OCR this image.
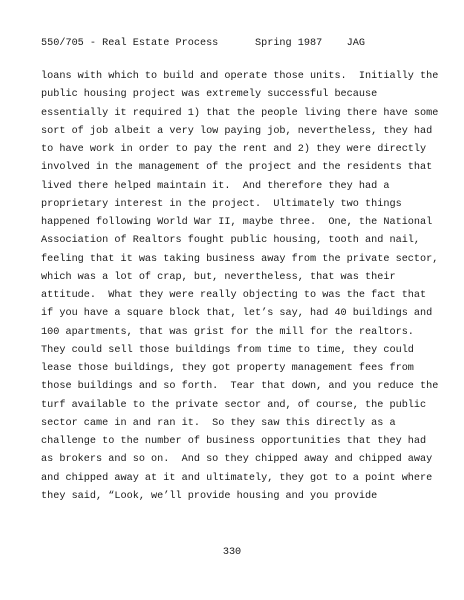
550/705 - Real Estate Process      Spring 1987    JAG
loans with which to build and operate those units.  Initially the
public housing project was extremely successful because
essentially it required 1) that the people living there have some
sort of job albeit a very low paying job, nevertheless, they had
to have work in order to pay the rent and 2) they were directly
involved in the management of the project and the residents that
lived there helped maintain it.  And therefore they had a
proprietary interest in the project.  Ultimately two things
happened following World War II, maybe three.  One, the National
Association of Realtors fought public housing, tooth and nail,
feeling that it was taking business away from the private sector,
which was a lot of crap, but, nevertheless, that was their
attitude.  What they were really objecting to was the fact that
if you have a square block that, let’s say, had 40 buildings and
100 apartments, that was grist for the mill for the realtors.
They could sell those buildings from time to time, they could
lease those buildings, they got property management fees from
those buildings and so forth.  Tear that down, and you reduce the
turf available to the private sector and, of course, the public
sector came in and ran it.  So they saw this directly as a
challenge to the number of business opportunities that they had
as brokers and so on.  And so they chipped away and chipped away
and chipped away at it and ultimately, they got to a point where
they said, “Look, we’ll provide housing and you provide
330
